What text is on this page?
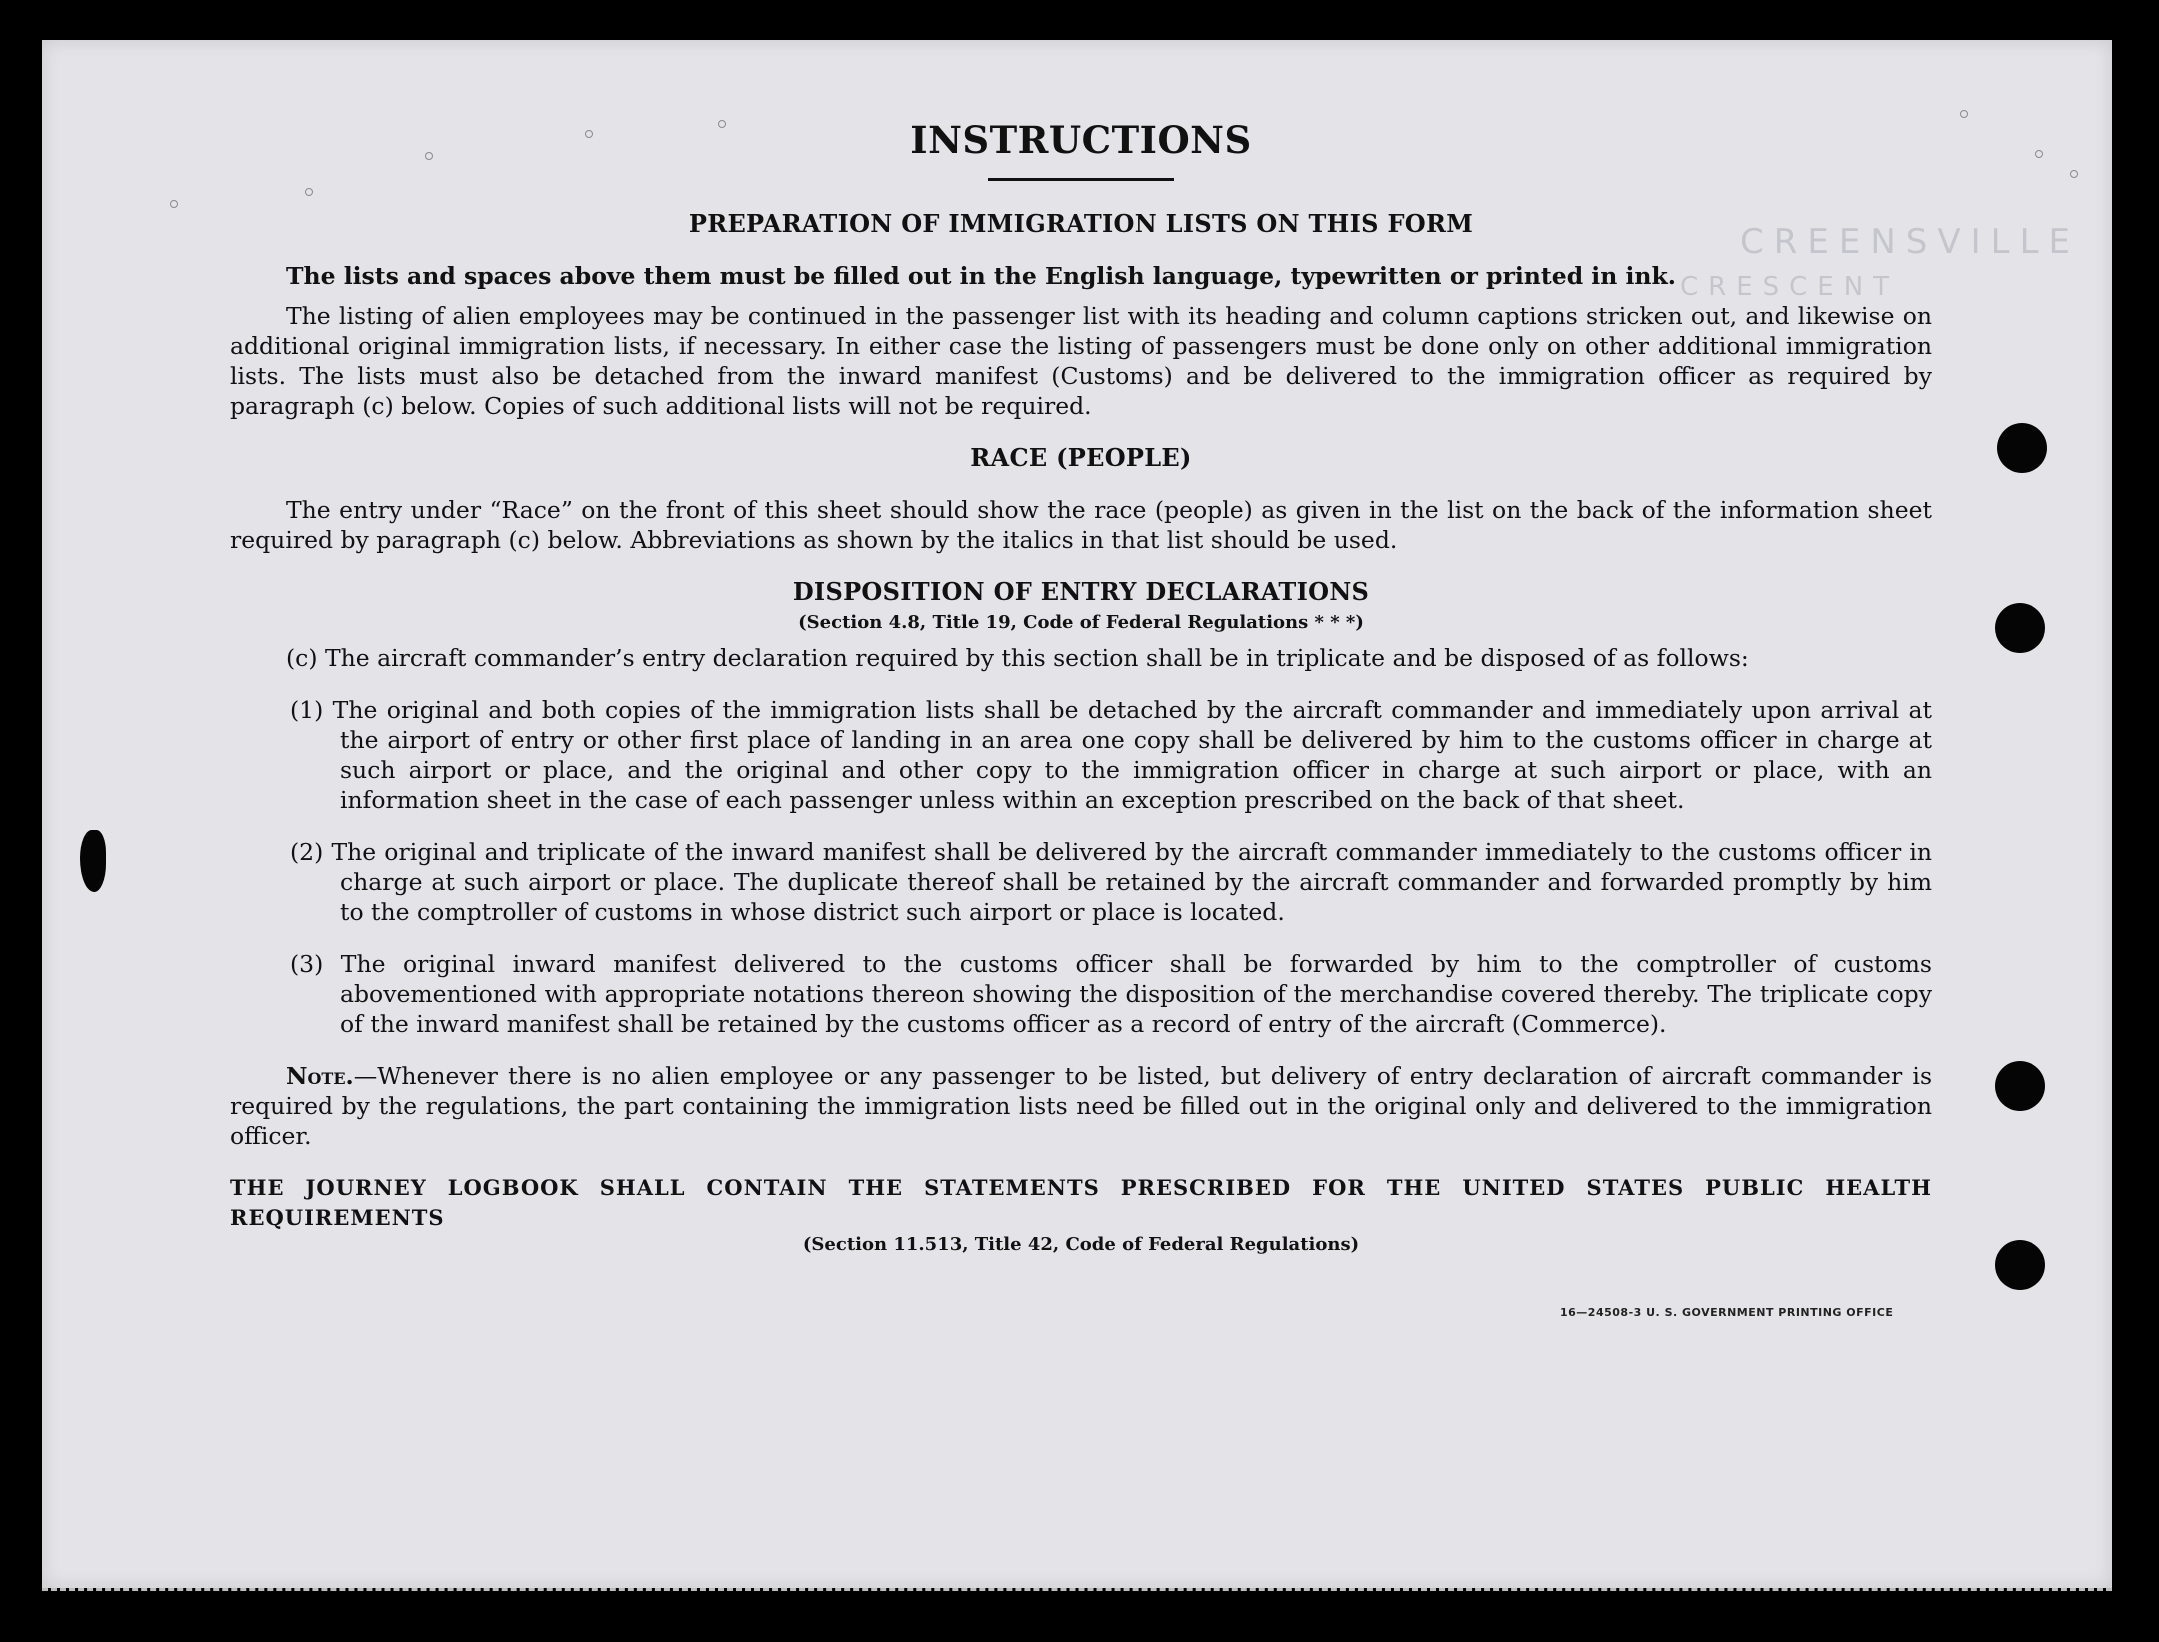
CREENSVILLE
CRESCENT
INSTRUCTIONS
PREPARATION OF IMMIGRATION LISTS ON THIS FORM

The lists and spaces above them must be filled out in the English language, typewritten or printed in ink.

The listing of alien employees may be continued in the passenger list with its heading and column captions stricken out, and likewise on additional original immigration lists, if necessary. In either case the listing of passengers must be done only on other additional immigration lists. The lists must also be detached from the inward manifest (Customs) and be delivered to the immigration officer as required by paragraph (c) below. Copies of such additional lists will not be required.

RACE (PEOPLE)

The entry under “Race” on the front of this sheet should show the race (people) as given in the list on the back of the information sheet required by paragraph (c) below. Abbreviations as shown by the italics in that list should be used.

DISPOSITION OF ENTRY DECLARATIONS
(Section 4.8, Title 19, Code of Federal Regulations * * *)

(c) The aircraft commander’s entry declaration required by this section shall be in triplicate and be disposed of as follows:

(1) The original and both copies of the immigration lists shall be detached by the aircraft commander and immediately upon arrival at the airport of entry or other first place of landing in an area one copy shall be delivered by him to the customs officer in charge at such airport or place, and the original and other copy to the immigration officer in charge at such airport or place, with an information sheet in the case of each passenger unless within an exception prescribed on the back of that sheet.

(2) The original and triplicate of the inward manifest shall be delivered by the aircraft commander immediately to the customs officer in charge at such airport or place. The duplicate thereof shall be retained by the aircraft commander and forwarded promptly by him to the comptroller of customs in whose district such airport or place is located.

(3) The original inward manifest delivered to the customs officer shall be forwarded by him to the comptroller of customs abovementioned with appropriate notations thereon showing the disposition of the merchandise covered thereby. The triplicate copy of the inward manifest shall be retained by the customs officer as a record of entry of the aircraft (Commerce).

Note.—Whenever there is no alien employee or any passenger to be listed, but delivery of entry declaration of aircraft commander is required by the regulations, the part containing the immigration lists need be filled out in the original only and delivered to the immigration officer.

THE JOURNEY LOGBOOK SHALL CONTAIN THE STATEMENTS PRESCRIBED FOR THE UNITED STATES PUBLIC HEALTH REQUIREMENTS

(Section 11.513, Title 42, Code of Federal Regulations)
16—24508-3 U. S. GOVERNMENT PRINTING OFFICE
